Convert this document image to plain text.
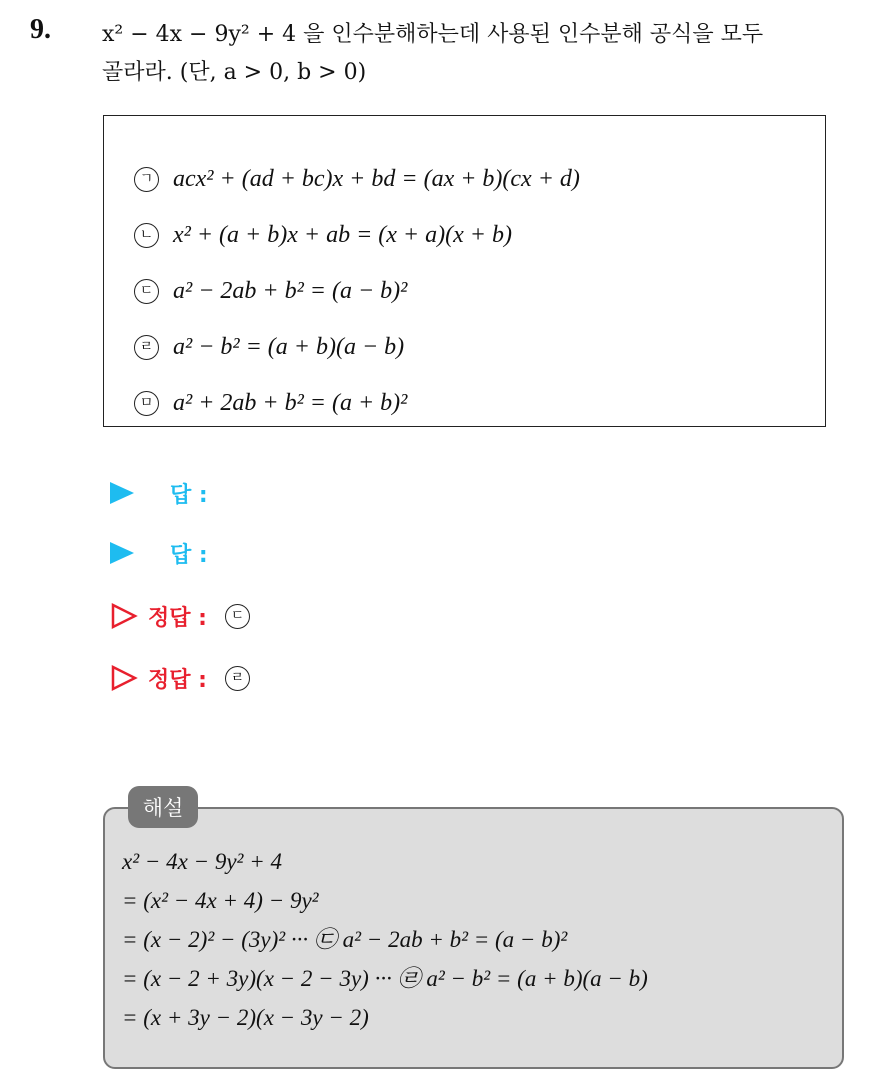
9. x² − 4x − 9y² + 4 을 인수분해하는데 사용된 인수분해 공식을 모두
골라라. (단, a > 0, b > 0)
ㄱ acx² + (ad + bc)x + bd = (ax + b)(cx + d)
ㄴ x² + (a + b)x + ab = (x + a)(x + b)
ㄷ a² − 2ab + b² = (a − b)²
ㄹ a² − b² = (a + b)(a − b)
ㅁ a² + 2ab + b² = (a + b)²
답 :
답 :
정답 :	ㄷ
정답 :	ㄹ
해설
x² − 4x − 9y² + 4
= (x² − 4x + 4) − 9y²
= (x − 2)² − (3y)² ··· ㉢ a² − 2ab + b² = (a − b)²
= (x − 2 + 3y)(x − 2 − 3y) ··· ㉣ a² − b² = (a + b)(a − b)
= (x + 3y − 2)(x − 3y − 2)
